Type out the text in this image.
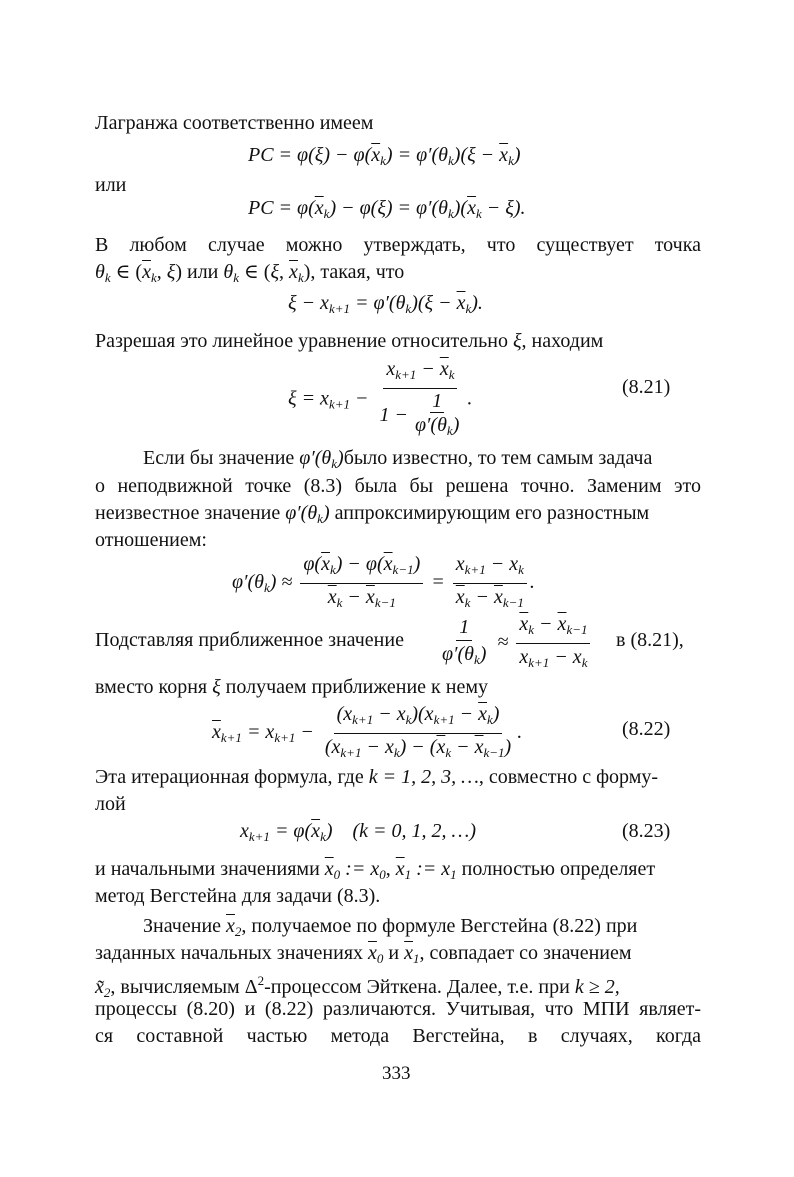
Лагранжа соответственно имеем
PC = $\varphi(\xi) - \varphi(\overline{x}_k) = \varphi'(\theta_k)(\xi - \overline{x}_k)$
или
PC = $\varphi(\overline{x}_k) - \varphi(\xi) = \varphi'(\theta_k)(\overline{x}_k - \xi)$.
В любом случае можно утверждать, что существует точка
$\theta_k$ ∈ ($\overline{x}_k$, ξ) или $\theta_k$ ∈ (ξ, $\overline{x}_k$), такая, что
$\xi - x_{k+1} = \varphi'(\theta_k)(\xi - \overline{x}_k)$.
Разрешая это линейное уравнение относительно ξ, находим
$\xi = x_{k+1} - \frac{x_{k+1} - \overline{x}_k}{1 - \frac{1}{\varphi'(\theta_k)}}$ .
(8.21)
Если бы значение $\varphi'(\theta_k)было$ известно, то тем самым задача
о неподвижной точке (8.3) была бы решена точно. Заменим это
неизвестное значение $\varphi'(\theta_k)$ аппроксимирующим его разностным
отношением:
$\varphi'(\theta_k) \approx \frac{\varphi(\overline{x}_k) - \varphi(\overline{x}_{k-1})}{\overline{x}_k - \overline{x}_{k-1}} = \frac{x_{k+1} - x_k}{\overline{x}_k - \overline{x}_{k-1}}$ .
Подставляя приближенное значение $\frac{1}{\varphi'(\theta_k)} \approx \frac{\overline{x}_k - \overline{x}_{k-1}}{x_{k+1} - x_k}$ в (8.21),
вместо корня ξ получаем приближение к нему
$\overline{x}_{k+1} = x_{k+1} - \frac{(x_{k+1} - x_k)(x_{k+1} - \overline{x}_k)}{(x_{k+1} - x_k) - (\overline{x}_k - \overline{x}_{k-1})}$ .	(8.22)
Эта итерационная формула, где k = 1, 2, 3, …, совместно с форму-
лой
$x_{k+1} = \varphi(\overline{x}_k)$    (k = 0, 1, 2, …)	(8.23)
и начальными значениями $\overline{x}_0$ := $x_0$, $\overline{x}_1$ := $x_1$ полностью определяет
метод Вегстейна для задачи (8.3).
Значение $\overline{x}_2$, получаемое по формуле Вегстейна (8.22) при
заданных начальных значениях $\overline{x}_0$ и $\overline{x}_1$, совпадает со значением
$x̃_2$, вычисляемым $\Delta^2$-процессом Эйткена. Далее, т.е. при k ≥ 2,
процессы (8.20) и (8.22) различаются. Учитывая, что МПИ являет-
ся составной частью метода Вегстейна, в случаях, когда
333
